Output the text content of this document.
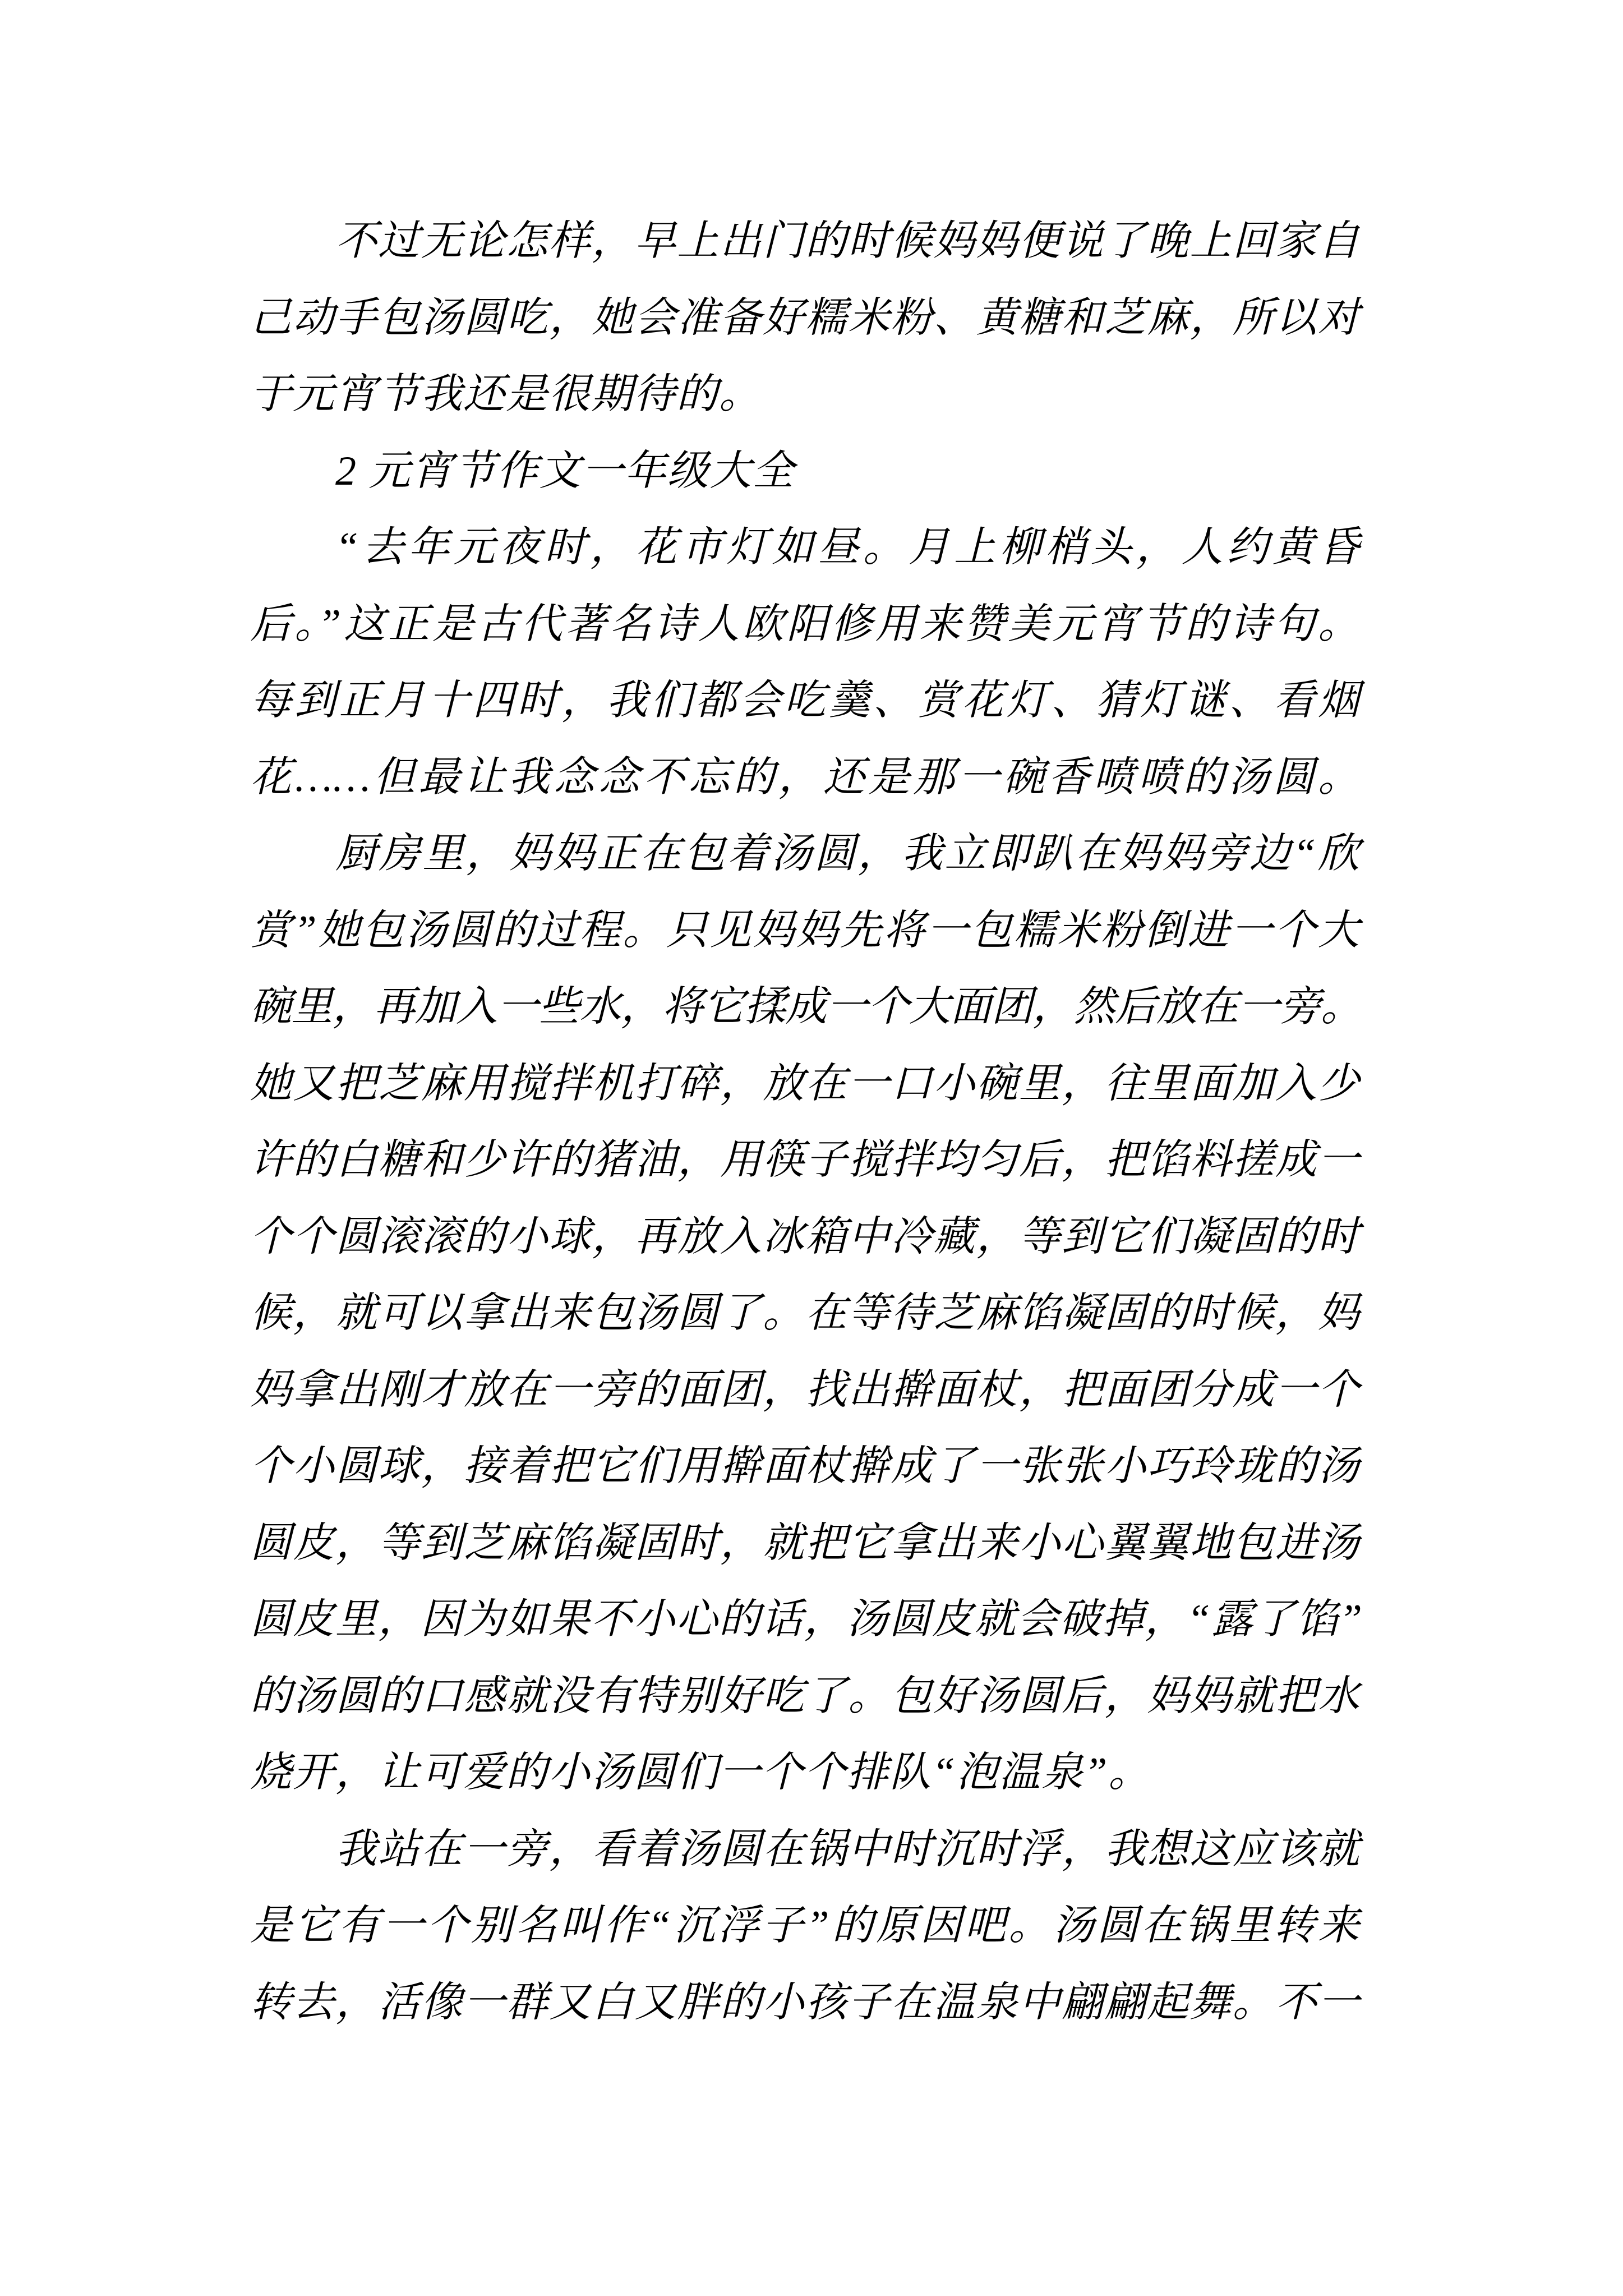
不过无论怎样，早上出门的时候妈妈便说了晚上回家自
己动手包汤圆吃，她会准备好糯米粉、黄糖和芝麻，所以对
于元宵节我还是很期待的。
2 元宵节作文一年级大全
“去年元夜时，花市灯如昼。月上柳梢头，人约黄昏
后。”这正是古代著名诗人欧阳修用来赞美元宵节的诗句。
每到正月十四时，我们都会吃羹、赏花灯、猜灯谜、看烟
花……但最让我念念不忘的，还是那一碗香喷喷的汤圆。
厨房里，妈妈正在包着汤圆，我立即趴在妈妈旁边“欣
赏”她包汤圆的过程。只见妈妈先将一包糯米粉倒进一个大
碗里，再加入一些水，将它揉成一个大面团，然后放在一旁。
她又把芝麻用搅拌机打碎，放在一口小碗里，往里面加入少
许的白糖和少许的猪油，用筷子搅拌均匀后，把馅料搓成一
个个圆滚滚的小球，再放入冰箱中冷藏，等到它们凝固的时
候，就可以拿出来包汤圆了。在等待芝麻馅凝固的时候，妈
妈拿出刚才放在一旁的面团，找出擀面杖，把面团分成一个
个小圆球，接着把它们用擀面杖擀成了一张张小巧玲珑的汤
圆皮，等到芝麻馅凝固时，就把它拿出来小心翼翼地包进汤
圆皮里，因为如果不小心的话，汤圆皮就会破掉，“露了馅”
的汤圆的口感就没有特别好吃了。包好汤圆后，妈妈就把水
烧开，让可爱的小汤圆们一个个排队“泡温泉”。
我站在一旁，看着汤圆在锅中时沉时浮，我想这应该就
是它有一个别名叫作“沉浮子”的原因吧。汤圆在锅里转来
转去，活像一群又白又胖的小孩子在温泉中翩翩起舞。不一
